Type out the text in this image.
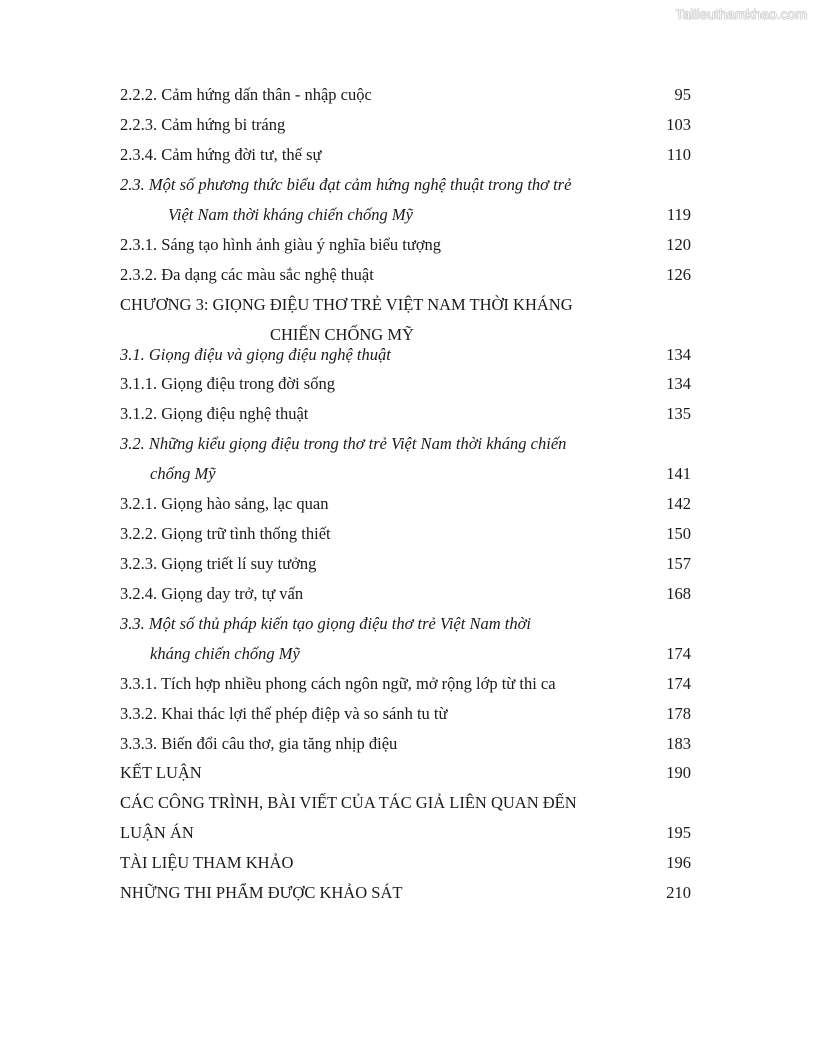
Tailieuthamkhao.com
2.2.2. Cảm hứng dấn thân - nhập cuộc	95
2.2.3. Cảm hứng bi tráng	103
2.3.4. Cảm hứng đời tư, thế sự	110
2.3. Một số phương thức biểu đạt cảm hứng nghệ thuật trong thơ trẻ
Việt Nam thời kháng chiến chống Mỹ	119
2.3.1. Sáng tạo hình ảnh giàu ý nghĩa biểu tượng	120
2.3.2. Đa dạng các màu sắc nghệ thuật	126
CHƯƠNG 3: GIỌNG ĐIỆU THƠ TRẺ VIỆT NAM THỜI KHÁNG
CHIẾN CHỐNG MỸ
3.1. Giọng điệu và giọng điệu nghệ thuật	134
3.1.1. Giọng điệu trong đời sống	134
3.1.2. Giọng điệu nghệ thuật	135
3.2. Những kiểu giọng điệu trong thơ trẻ Việt Nam thời kháng chiến
chống Mỹ	141
3.2.1. Giọng hào sảng, lạc quan	142
3.2.2. Giọng trữ tình thống thiết	150
3.2.3. Giọng triết lí suy tưởng	157
3.2.4. Giọng day trở, tự vấn	168
3.3. Một số thủ pháp kiến tạo giọng điệu thơ trẻ Việt Nam thời
kháng chiến chống Mỹ	174
3.3.1. Tích hợp nhiều phong cách ngôn ngữ, mở rộng lớp từ thi ca	174
3.3.2. Khai thác lợi thế phép điệp và so sánh tu từ	178
3.3.3. Biến đổi câu thơ, gia tăng nhịp điệu	183
KẾT LUẬN	190
CÁC CÔNG TRÌNH, BÀI VIẾT CỦA TÁC GIẢ LIÊN QUAN ĐẾN
LUẬN ÁN	195
TÀI LIỆU THAM KHẢO	196
NHỮNG THI PHẨM ĐƯỢC KHẢO SÁT	210
